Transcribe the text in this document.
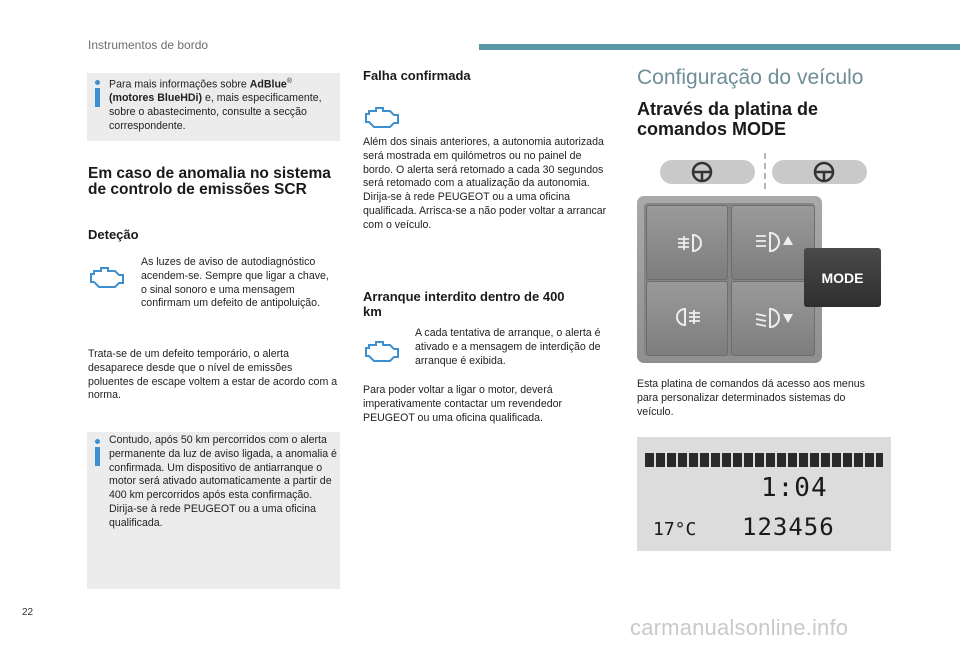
Instrumentos de bordo
Para mais informações sobre AdBlue® (motores BlueHDi) e, mais especificamente, sobre o abastecimento, consulte a secção correspondente.
Em caso de anomalia no sistema de controlo de emissões SCR
Deteção
As luzes de aviso de autodiagnóstico acendem-se. Sempre que ligar a chave, o sinal sonoro e uma mensagem confirmam um defeito de antipoluição.
Trata-se de um defeito temporário, o alerta desaparece desde que o nível de emissões poluentes de escape voltem a estar de acordo com a norma.
Contudo, após 50 km percorridos com o alerta permanente da luz de aviso ligada, a anomalia é confirmada. Um dispositivo de antiarranque o motor será ativado automaticamente a partir de 400 km percorridos após esta confirmação. Dirija-se à rede PEUGEOT ou a uma oficina qualificada.
Falha confirmada
Além dos sinais anteriores, a autonomia autorizada será mostrada em quilómetros ou no painel de bordo. O alerta será retomado a cada 30 segundos será retomado com a atualização da autonomia. Dirija-se à rede PEUGEOT ou a uma oficina qualificada. Arrisca-se a não poder voltar a arrancar com o veículo.
Arranque interdito dentro de 400 km
A cada tentativa de arranque, o alerta é ativado e a mensagem de interdição de arranque é exibida.
Para poder voltar a ligar o motor, deverá imperativamente contactar um revendedor PEUGEOT ou uma oficina qualificada.
Configuração do veículo
Através da platina de comandos MODE
MODE
Esta platina de comandos dá acesso aos menus para personalizar determinados sistemas do veículo.
1:04
17°C 123456
22
carmanualsonline.info
